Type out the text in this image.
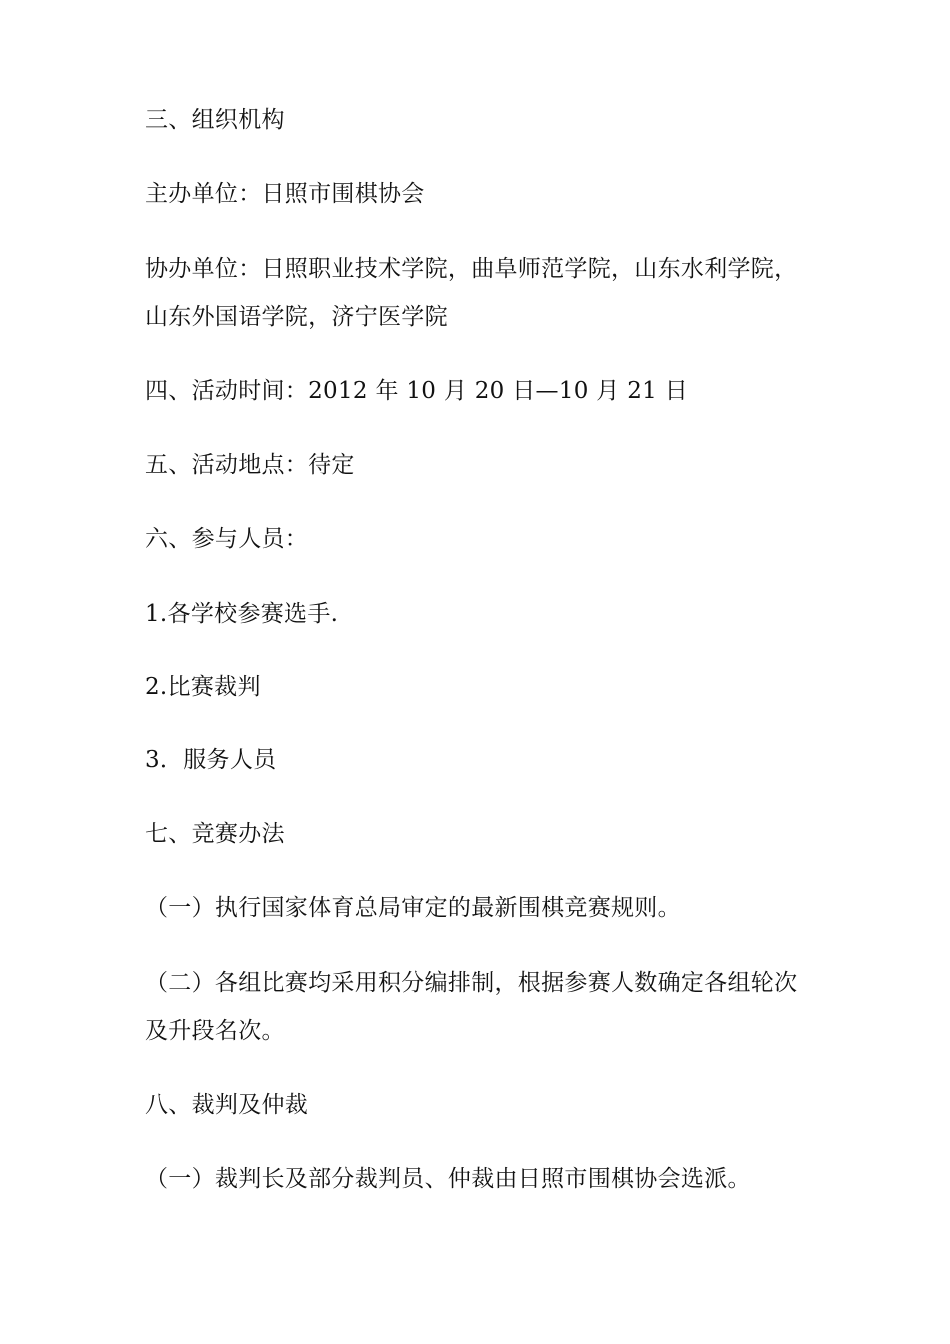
三、组织机构
主办单位：日照市围棋协会
协办单位：日照职业技术学院，曲阜师范学院，山东水利学院，
山东外国语学院，济宁医学院
四、活动时间：2012 年 10 月 20 日—10 月 21 日
五、活动地点：待定
六、参与人员：
1.各学校参赛选手.
2.比赛裁判
3．服务人员
七、竞赛办法
（一）执行国家体育总局审定的最新围棋竞赛规则。
（二）各组比赛均采用积分编排制，根据参赛人数确定各组轮次
及升段名次。
八、裁判及仲裁
（一）裁判长及部分裁判员、仲裁由日照市围棋协会选派。
